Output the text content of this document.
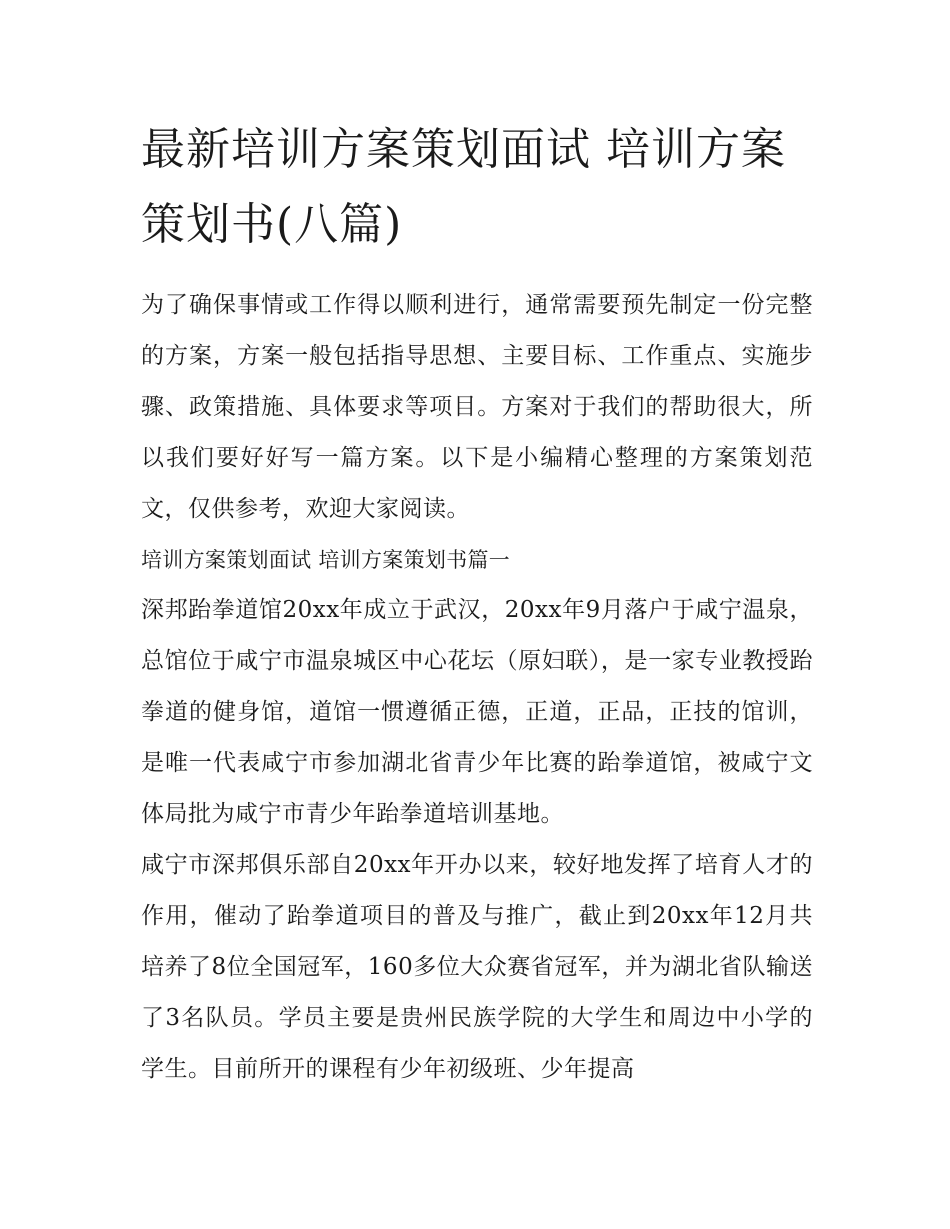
最新培训方案策划面试 培训方案策划书(八篇)

为了确保事情或工作得以顺利进行，通常需要预先制定一份完整的方案，方案一般包括指导思想、主要目标、工作重点、实施步骤、政策措施、具体要求等项目。方案对于我们的帮助很大，所以我们要好好写一篇方案。以下是小编精心整理的方案策划范文，仅供参考，欢迎大家阅读。

培训方案策划面试 培训方案策划书篇一

深邦跆拳道馆20xx年成立于武汉，20xx年9月落户于咸宁温泉，总馆位于咸宁市温泉城区中心花坛（原妇联），是一家专业教授跆拳道的健身馆，道馆一惯遵循正德，正道，正品，正技的馆训，是唯一代表咸宁市参加湖北省青少年比赛的跆拳道馆，被咸宁文体局批为咸宁市青少年跆拳道培训基地。

咸宁市深邦俱乐部自20xx年开办以来，较好地发挥了培育人才的作用，催动了跆拳道项目的普及与推广，截止到20xx年12月共培养了8位全国冠军，160多位大众赛省冠军，并为湖北省队输送了3名队员。学员主要是贵州民族学院的大学生和周边中小学的学生。目前所开的课程有少年初级班、少年提高
